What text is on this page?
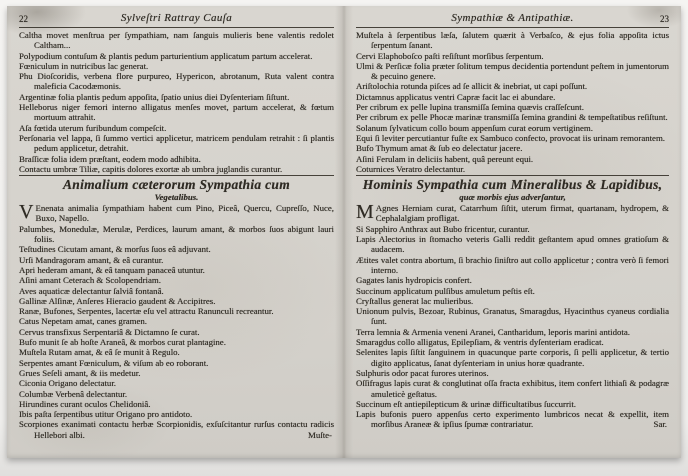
22	Sylveſtri Rattray Cauſa

Caltha movet menſtrua per ſympathiam, nam ſanguis mulieris bene valentis redolet Caltham...

Polypodium contuſum & plantis pedum parturientium applicatum partum accelerat.

Fœniculum in nutricibus lac generat.

Phu Dioſcoridis, verbena flore purpureo, Hypericon, abrotanum, Ruta valent contra maleficia Cacodæmonis.

Argentinæ folia plantis pedum appoſita, ſpatio unius diei Dyſenteriam ſiſtunt.

Helleborus niger femori interno alligatus menſes movet, partum accelerat, & fœtum mortuum attrahit.

Aſa fœtida uterum furibundum compeſcit.

Perſonaria vel lappa, ſi ſummo vertici applicetur, matricem pendulam retrahit : ſi plantis pedum applicetur, detrahit.

Braſſicæ folia idem præſtant, eodem modo adhibita.

Contactu umbræ Tiliæ, capitis dolores exortæ ab umbra juglandis curantur.

Animalium cæterorum Sympathia cum
Vegetalibus.

V Enenata animalia ſympathiam habent cum Pino, Piceâ, Quercu, Cupreſſo, Nuce, Buxo, Napello.

Palumbes, Monedulæ, Merulæ, Perdices, laurum amant, & morbos ſuos abigunt lauri foliis.

Teſtudines Cicutam amant, & morſus ſuos eâ adjuvant.

Urſi Mandragoram amant, & eâ curantur.

Apri hederam amant, & eâ tanquam panaceâ utuntur.

Aſini amant Ceterach & Scolopendriam.

Aves aquaticæ delectantur ſalviâ fontanâ.

Gallinæ Alſinæ, Anſeres Hieracio gaudent & Accipitres.

Ranæ, Bufones, Serpentes, lacertæ eſu vel attractu Ranunculi recreantur.

Catus Nepetam amat, canes gramen.

Cervus transfixus Serpentariâ & Dictamno ſe curat.

Bufo munit ſe ab hoſte Araneâ, & morbos curat plantagine.

Muſtela Rutam amat, & eâ ſe munit à Regulo.

Serpentes amant Fœniculum, & viſum ab eo roborant.

Grues Seſeli amant, & iis medetur.

Ciconia Origano delectatur.

Columbæ Verbenâ delectantur.

Hirundines curant oculos Chelidoniâ.

Ibis paſta ſerpentibus utitur Origano pro antidoto.

Scorpiones exanimati contactu herbæ Scorpionidis, exſuſcitantur rurſus contactu radicis Hellebori albi.	Muſte-
Sympathiæ & Antipathiæ.	23

Muſtela à ſerpentibus læſa, ſalutem quærit à Verbaſco, & ejus folia appoſita ictus ſerpentum ſanant.

Cervi Elaphoboſco paſti reſiſtunt morſibus ſerpentum.

Ulmi & Perſicæ folia præter ſolitum tempus decidentia portendunt peſtem in jumentorum & pecuino genere.

Ariſtolochia rotunda piſces ad ſe allicit & inebriat, ut capi poſſunt.

Dictamnus applicatus ventri Capræ facit lac ei abundare.

Per cribrum ex pelle lupina transmiſſa ſemina quævis craſſeſcunt.

Per cribrum ex pelle Phocæ marinæ transmiſſa ſemina grandini & tempeſtatibus reſiſtunt.

Solanum ſylvaticum collo boum appenſum curat eorum vertiginem.

Equi ſi leviter percutiantur fuſte ex Sambuco confecto, provocat iis urinam remorantem.

Bufo Thymum amat & ſub eo delectatur jacere.

Aſini Ferulam in deliciis habent, quâ pereunt equi.

Coturnices Veratro delectantur.

Hominis Sympathia cum Mineralibus & Lapidibus,
quæ morbis ejus adverſantur,

M Agnes Herniam curat, Catarrhum ſiſtit, uterum firmat, quartanam, hydropem, & Cephalalgiam profligat.

Si Sapphiro Anthrax aut Bubo fricentur, curantur.

Lapis Alectorius in ſtomacho veteris Galli reddit geſtantem apud omnes gratioſum & audacem.

Ætites valet contra abortum, ſi brachio ſiniſtro aut collo applicetur ; contra verò ſi femori interno.

Gagates lanis hydropicis confert.

Succinum applicatum pulſibus amuletum peſtis eſt.

Cryſtallus generat lac mulieribus.

Unionum pulvis, Bezoar, Rubinus, Granatus, Smaragdus, Hyacinthus cyaneus cordialia ſunt.

Terra lemnia & Armenia veneni Aranei, Cantharidum, leporis marini antidota.

Smaragdus collo alligatus, Epilepſiam, & ventris dyſenteriam eradicat.

Selenites lapis ſiſtit ſanguinem in quacunque parte corporis, ſi pelli applicetur, & tertio digito applicatus, ſanat dyſenteriam in unius horæ quadrante.

Sulphuris odor pacat furores uterinos.

Oſſifragus lapis curat & conglutinat oſſa fracta exhibitus, item confert lithiaſi & podagræ amuleticè geſtatus.

Succinum eſt antiepilepticum & urinæ difficultatibus ſuccurrit.

Lapis bufonis puero appenſus certo experimento lumbricos necat & expellit, item morſibus Araneæ & ipſius ſpumæ contrariatur.	Sar.
